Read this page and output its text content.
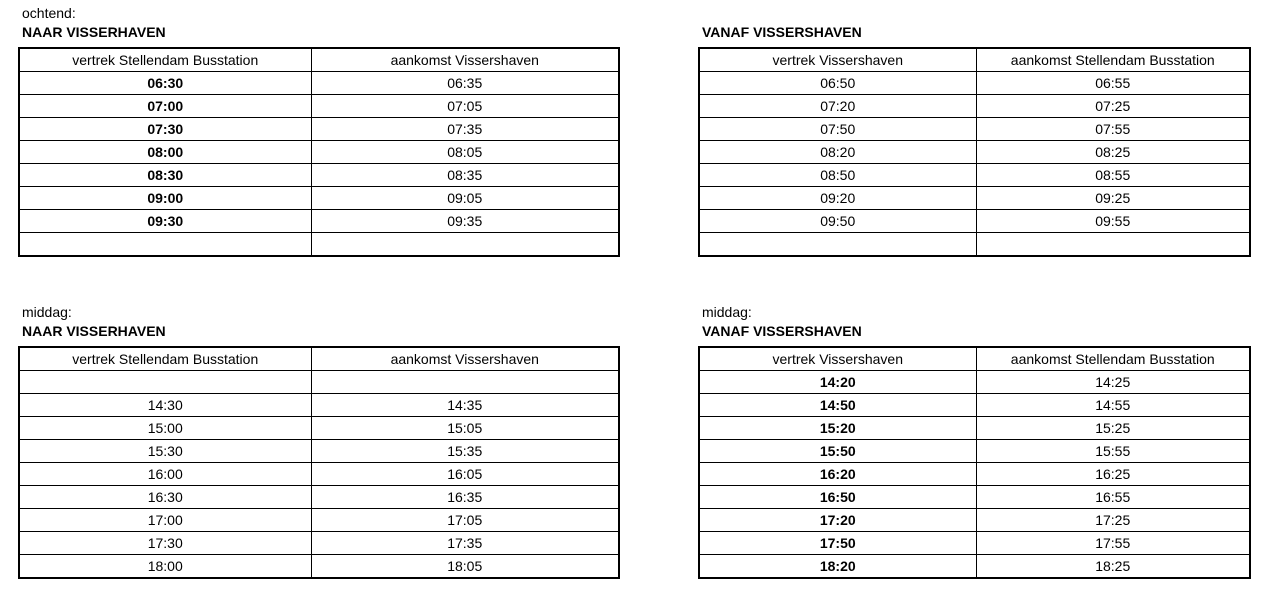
ochtend:
NAAR VISSERHAVEN
vertrek Stellendam Busstation	aankomst Vissershaven
06:30	06:35
07:00	07:05
07:30	07:35
08:00	08:05
08:30	08:35
09:00	09:05
09:30	09:35

VANAF VISSERSHAVEN
vertrek Vissershaven	aankomst Stellendam Busstation
06:50	06:55
07:20	07:25
07:50	07:55
08:20	08:25
08:50	08:55
09:20	09:25
09:50	09:55

middag:
NAAR VISSERHAVEN
vertrek Stellendam Busstation	aankomst Vissershaven

14:30	14:35
15:00	15:05
15:30	15:35
16:00	16:05
16:30	16:35
17:00	17:05
17:30	17:35
18:00	18:05
middag:
VANAF VISSERSHAVEN
vertrek Vissershaven	aankomst Stellendam Busstation
14:20	14:25
14:50	14:55
15:20	15:25
15:50	15:55
16:20	16:25
16:50	16:55
17:20	17:25
17:50	17:55
18:20	18:25
